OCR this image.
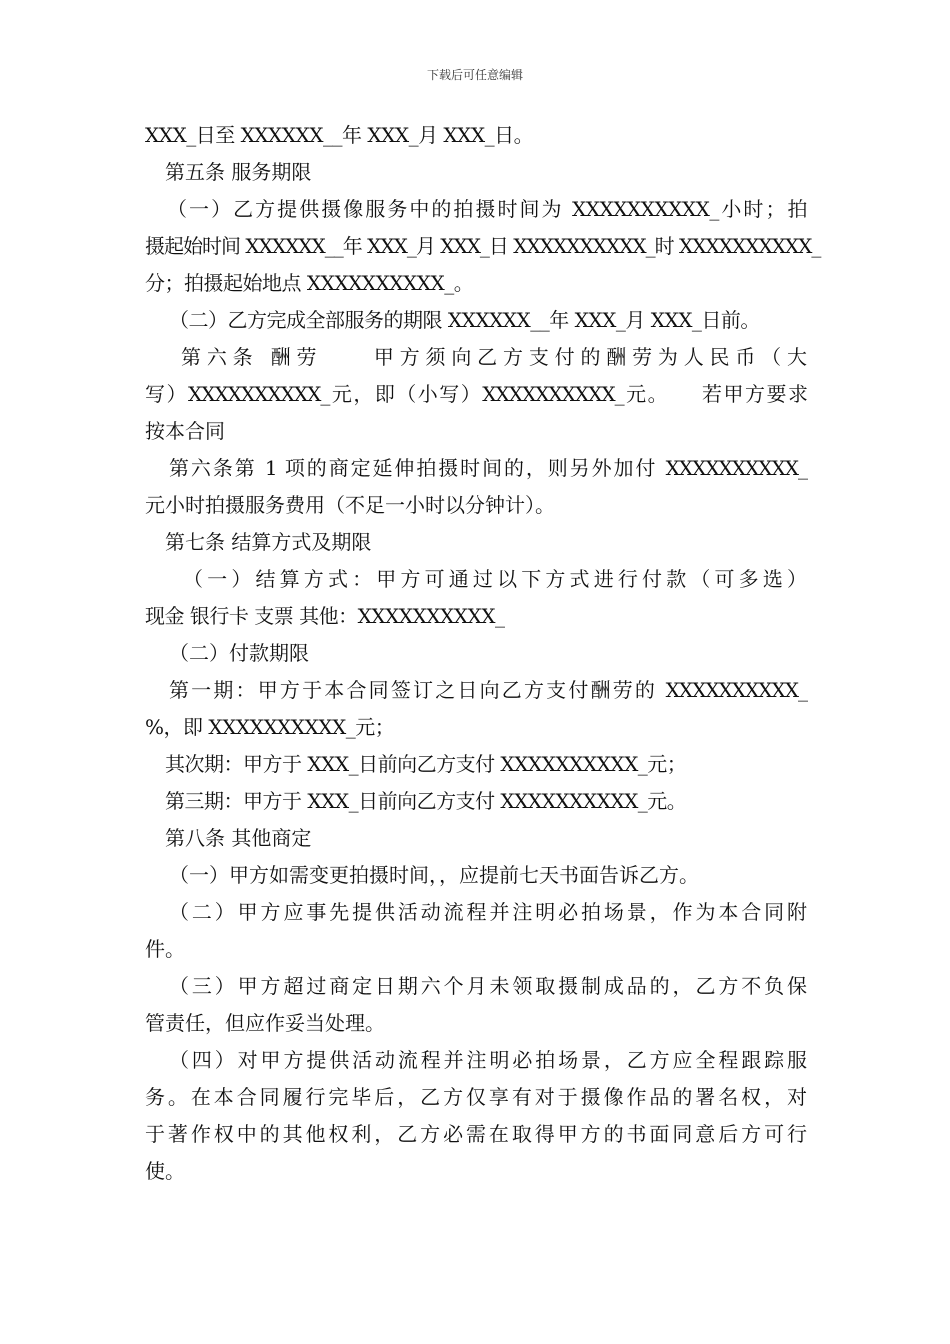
下载后可任意编辑
XXX_日至 XXXXXX__年 XXX_月 XXX_日。
第五条 服务期限
（一）乙方提供摄像服务中的拍摄时间为 XXXXXXXXXX_小时；拍
摄起始时间 XXXXXX__年 XXX_月 XXX_日 XXXXXXXXXX_时 XXXXXXXXXX_
分；拍摄起始地点 XXXXXXXXXX_。
（二）乙方完成全部服务的期限 XXXXXX__年 XXX_月 XXX_日前。
第六条 酬劳　　甲方须向乙方支付的酬劳为人民币（大
写）XXXXXXXXXX_元，即（小写）XXXXXXXXXX_元。　　若甲方要求
按本合同
第六条第 1 项的商定延伸拍摄时间的，则另外加付 XXXXXXXXXX_
元小时拍摄服务费用（不足一小时以分钟计）。
第七条 结算方式及期限
（一）结算方式：甲方可通过以下方式进行付款（可多选）
现金 银行卡 支票 其他：XXXXXXXXXX_
（二）付款期限
第一期：甲方于本合同签订之日向乙方支付酬劳的 XXXXXXXXXX_
%，即 XXXXXXXXXX_元；
其次期：甲方于 XXX_日前向乙方支付 XXXXXXXXXX_元；
第三期：甲方于 XXX_日前向乙方支付 XXXXXXXXXX_元。
第八条 其他商定
（一）甲方如需变更拍摄时间，，应提前七天书面告诉乙方。
（二）甲方应事先提供活动流程并注明必拍场景，作为本合同附
件。
（三）甲方超过商定日期六个月未领取摄制成品的，乙方不负保
管责任，但应作妥当处理。
（四）对甲方提供活动流程并注明必拍场景，乙方应全程跟踪服
务。在本合同履行完毕后，乙方仅享有对于摄像作品的署名权，对
于著作权中的其他权利，乙方必需在取得甲方的书面同意后方可行
使。
